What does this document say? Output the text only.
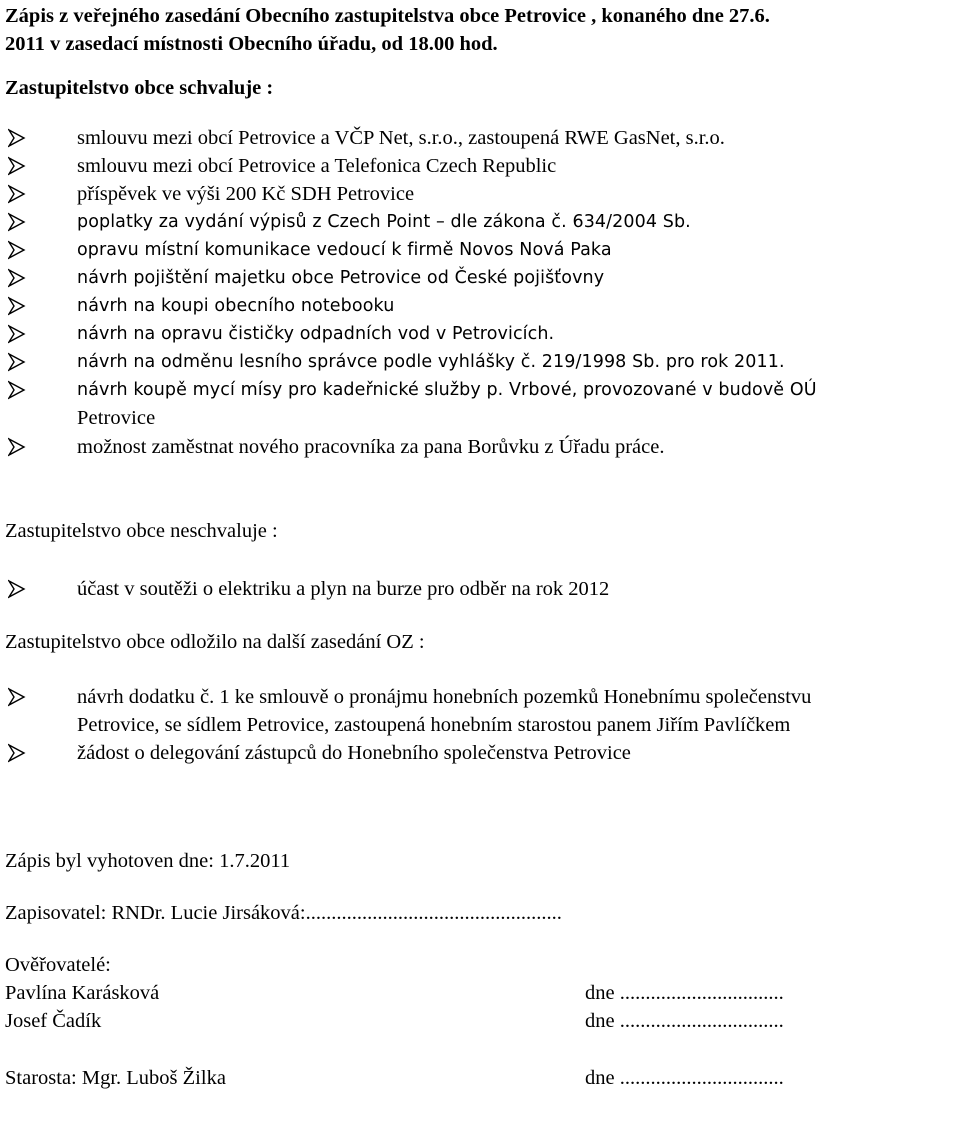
Zápis z veřejného zasedání Obecního zastupitelstva obce Petrovice , konaného dne 27.6.

2011 v zasedací místnosti Obecního úřadu, od 18.00 hod.

Zastupitelstvo obce schvaluje :

smlouvu mezi obcí Petrovice a VČP Net, s.r.o., zastoupená RWE GasNet, s.r.o.
smlouvu mezi obcí Petrovice a Telefonica Czech Republic
příspěvek ve výši 200 Kč SDH Petrovice
poplatky za vydání výpisů z Czech Point – dle zákona č. 634/2004 Sb.
opravu místní komunikace vedoucí k firmě Novos Nová Paka
návrh pojištění majetku obce Petrovice od České pojišťovny
návrh na koupi obecního notebooku
návrh na opravu čističky odpadních vod v Petrovicích.
návrh na odměnu lesního správce podle vyhlášky č. 219/1998 Sb. pro rok 2011.
návrh koupě mycí mísy pro kadeřnické služby p. Vrbové, provozované v budově OÚ
Petrovice
možnost zaměstnat nového pracovníka za pana Borůvku z Úřadu práce.

Zastupitelstvo obce neschvaluje :

účast v soutěži o elektriku a plyn na burze pro odběr na rok 2012

Zastupitelstvo obce odložilo na další zasedání OZ :

návrh dodatku č. 1 ke smlouvě o pronájmu honebních pozemků Honebnímu společenstvu
Petrovice, se sídlem Petrovice, zastoupená honebním starostou panem Jiřím Pavlíčkem
žádost o delegování zástupců do Honebního společenstva Petrovice

Zápis byl vyhotoven dne: 1.7.2011

Zapisovatel: RNDr. Lucie Jirsáková:..................................................

Ověřovatelé:

Pavlína Karásková	dne ................................
Josef Čadík	dne ................................
Starosta: Mgr. Luboš Žilka	dne ................................
